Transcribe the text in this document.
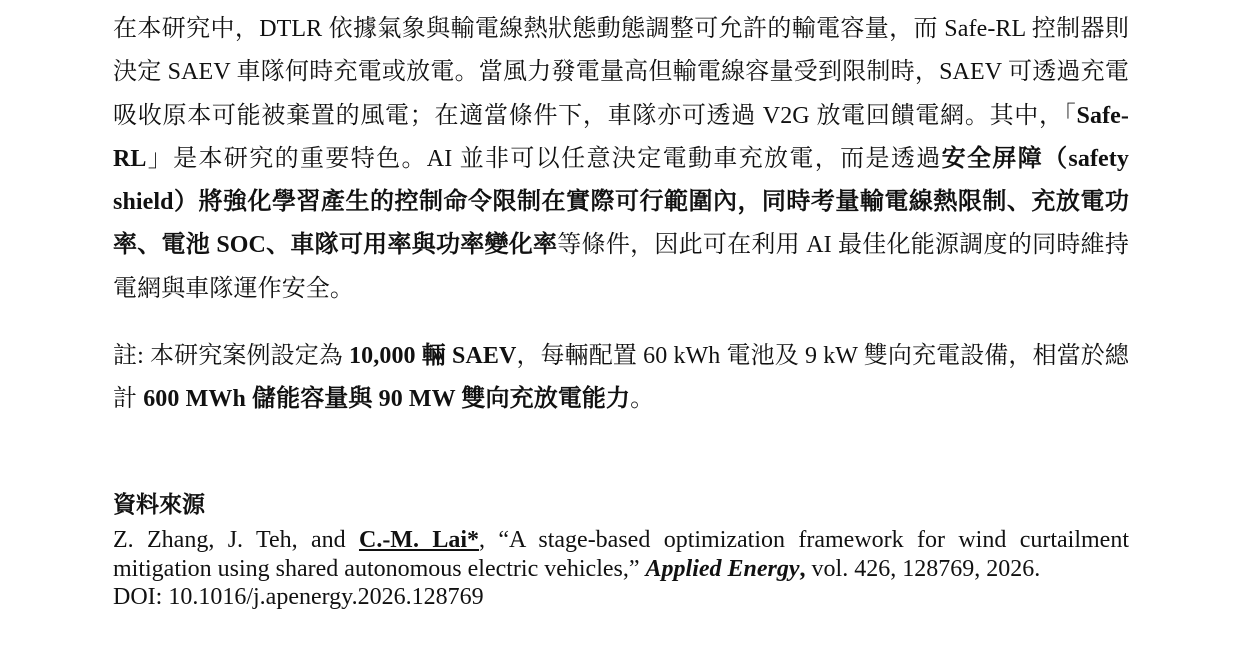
在本研究中，DTLR 依據氣象與輸電線熱狀態動態調整可允許的輸電容量，而 Safe-RL 控制器則決定 SAEV 車隊何時充電或放電。當風力發電量高但輸電線容量受到限制時，SAEV 可透過充電吸收原本可能被棄置的風電；在適當條件下，車隊亦可透過 V2G 放電回饋電網。其中，「Safe-RL」是本研究的重要特色。AI 並非可以任意決定電動車充放電，而是透過安全屏障（safety shield）將強化學習產生的控制命令限制在實際可行範圍內，同時考量輸電線熱限制、充放電功率、電池 SOC、車隊可用率與功率變化率等條件，因此可在利用 AI 最佳化能源調度的同時維持電網與車隊運作安全。

註: 本研究案例設定為 10,000 輛 SAEV，每輛配置 60 kWh 電池及 9 kW 雙向充電設備，相當於總計 600 MWh 儲能容量與 90 MW 雙向充放電能力。

資料來源
Z. Zhang, J. Teh, and C.-M. Lai*, “A stage-based optimization framework for wind curtailment mitigation using shared autonomous electric vehicles,” Applied Energy, vol. 426, 128769, 2026.
DOI: 10.1016/j.apenergy.2026.128769
